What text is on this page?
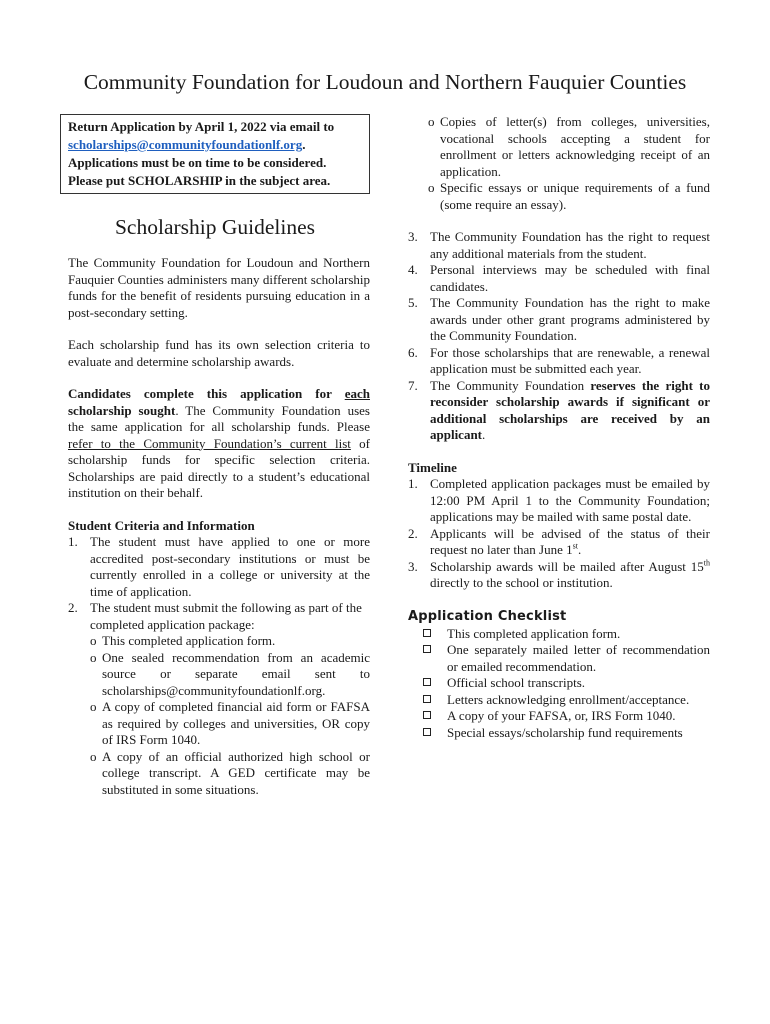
Community Foundation for Loudoun and Northern Fauquier Counties
Return Application by April 1, 2022 via email to scholarships@communityfoundationlf.org. Applications must be on time to be considered. Please put SCHOLARSHIP in the subject area.
Scholarship Guidelines
The Community Foundation for Loudoun and Northern Fauquier Counties administers many different scholarship funds for the benefit of residents pursuing education in a post-secondary setting.
Each scholarship fund has its own selection criteria to evaluate and determine scholarship awards.
Candidates complete this application for each scholarship sought. The Community Foundation uses the same application for all scholarship funds. Please refer to the Community Foundation’s current list of scholarship funds for specific selection criteria. Scholarships are paid directly to a student’s educational institution on their behalf.
Student Criteria and Information
1. The student must have applied to one or more accredited post-secondary institutions or must be currently enrolled in a college or university at the time of application.
2. The student must submit the following as part of the completed application package:
o This completed application form.
o One sealed recommendation from an academic source or separate email sent to scholarships@communityfoundationlf.org.
o A copy of completed financial aid form or FAFSA as required by colleges and universities, OR copy of IRS Form 1040.
o A copy of an official authorized high school or college transcript. A GED certificate may be substituted in some situations.
o Copies of letter(s) from colleges, universities, vocational schools accepting a student for enrollment or letters acknowledging receipt of an application.
o Specific essays or unique requirements of a fund (some require an essay).
3. The Community Foundation has the right to request any additional materials from the student.
4. Personal interviews may be scheduled with final candidates.
5. The Community Foundation has the right to make awards under other grant programs administered by the Community Foundation.
6. For those scholarships that are renewable, a renewal application must be submitted each year.
7. The Community Foundation reserves the right to reconsider scholarship awards if significant or additional scholarships are received by an applicant.
Timeline
1. Completed application packages must be emailed by 12:00 PM April 1 to the Community Foundation; applications may be mailed with same postal date.
2. Applicants will be advised of the status of their request no later than June 1st.
3. Scholarship awards will be mailed after August 15th directly to the school or institution.
Application Checklist
This completed application form.
One separately mailed letter of recommendation or emailed recommendation.
Official school transcripts.
Letters acknowledging enrollment/acceptance.
A copy of your FAFSA, or, IRS Form 1040.
Special essays/scholarship fund requirements
